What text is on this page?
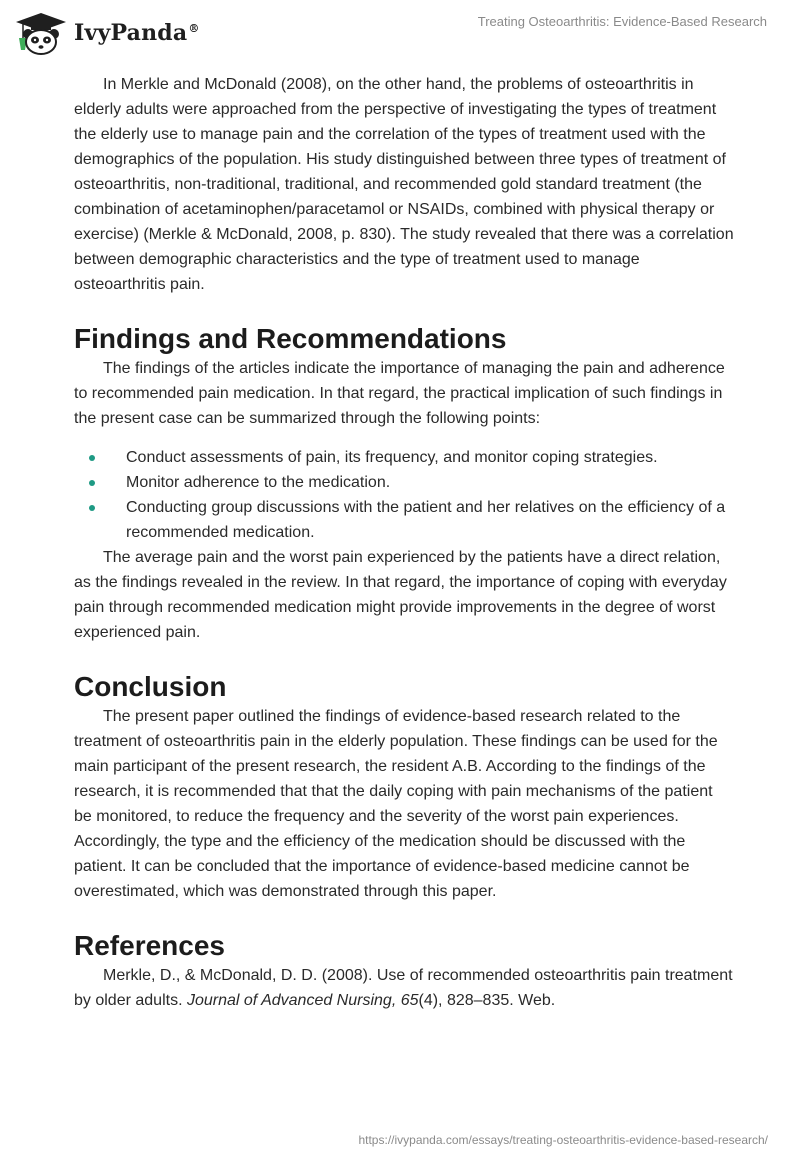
IvyPanda®	Treating Osteoarthritis: Evidence-Based Research

In Merkle and McDonald (2008), on the other hand, the problems of osteoarthritis in elderly adults were approached from the perspective of investigating the types of treatment the elderly use to manage pain and the correlation of the types of treatment used with the demographics of the population. His study distinguished between three types of treatment of osteoarthritis, non-traditional, traditional, and recommended gold standard treatment (the combination of acetaminophen/paracetamol or NSAIDs, combined with physical therapy or exercise) (Merkle & McDonald, 2008, p. 830). The study revealed that there was a correlation between demographic characteristics and the type of treatment used to manage osteoarthritis pain.

Findings and Recommendations

The findings of the articles indicate the importance of managing the pain and adherence to recommended pain medication. In that regard, the practical implication of such findings in the present case can be summarized through the following points:

Conduct assessments of pain, its frequency, and monitor coping strategies.
Monitor adherence to the medication.
Conducting group discussions with the patient and her relatives on the efficiency of a recommended medication.

The average pain and the worst pain experienced by the patients have a direct relation, as the findings revealed in the review. In that regard, the importance of coping with everyday pain through recommended medication might provide improvements in the degree of worst experienced pain.

Conclusion

The present paper outlined the findings of evidence-based research related to the treatment of osteoarthritis pain in the elderly population. These findings can be used for the main participant of the present research, the resident A.B. According to the findings of the research, it is recommended that that the daily coping with pain mechanisms of the patient be monitored, to reduce the frequency and the severity of the worst pain experiences. Accordingly, the type and the efficiency of the medication should be discussed with the patient. It can be concluded that the importance of evidence-based medicine cannot be overestimated, which was demonstrated through this paper.

References

Merkle, D., & McDonald, D. D. (2008). Use of recommended osteoarthritis pain treatment by older adults. Journal of Advanced Nursing, 65(4), 828–835. Web.

https://ivypanda.com/essays/treating-osteoarthritis-evidence-based-research/
